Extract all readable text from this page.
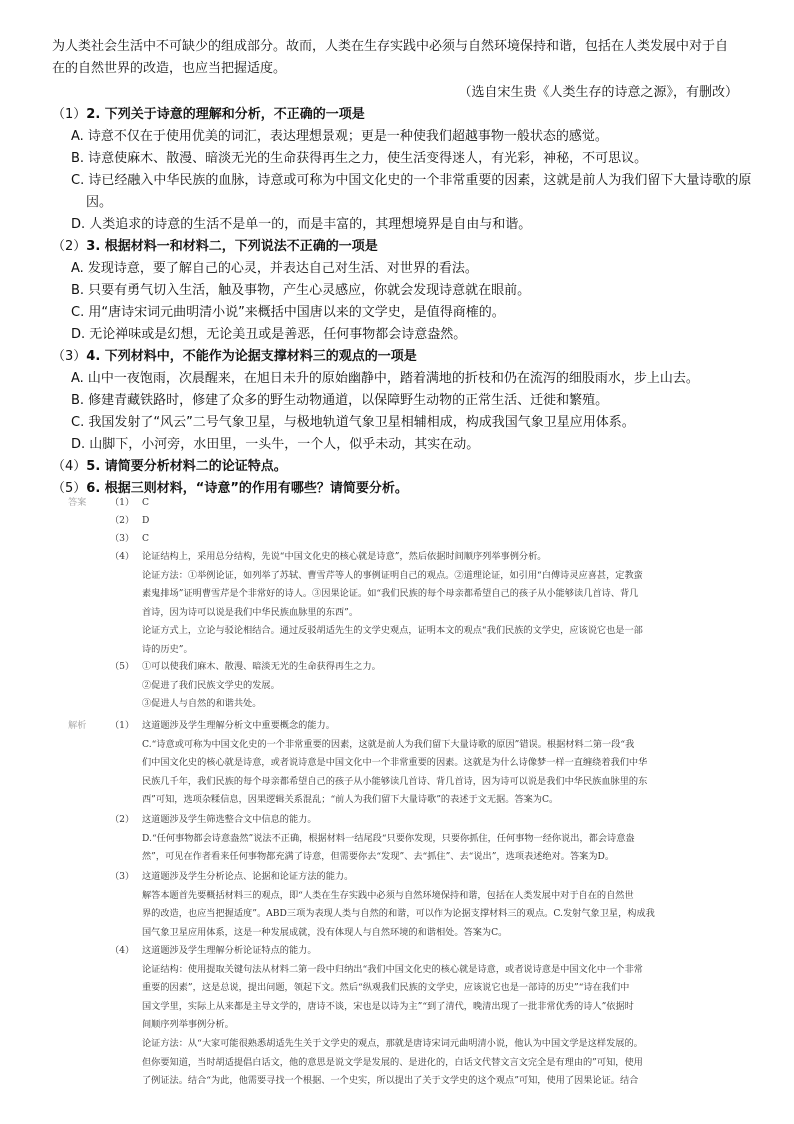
为人类社会生活中不可缺少的组成部分。故而，人类在生存实践中必须与自然环境保持和谐，包括在人类发展中对于自

在的自然世界的改造，也应当把握适度。

（选自宋生贵《人类生存的诗意之源》，有删改）

（1）2. 下列关于诗意的理解和分析，不正确的一项是

A. 诗意不仅在于使用优美的词汇，表达理想景观；更是一种使我们超越事物一般状态的感觉。

B. 诗意使麻木、散漫、暗淡无光的生命获得再生之力，使生活变得迷人，有光彩，神秘，不可思议。

C. 诗已经融入中华民族的血脉，诗意或可称为中国文化史的一个非常重要的因素，这就是前人为我们留下大量诗歌的原因。

D. 人类追求的诗意的生活不是单一的，而是丰富的，其理想境界是自由与和谐。

（2）3. 根据材料一和材料二，下列说法不正确的一项是

A. 发现诗意，要了解自己的心灵，并表达自己对生活、对世界的看法。

B. 只要有勇气切入生活，触及事物，产生心灵感应，你就会发现诗意就在眼前。

C. 用“唐诗宋词元曲明清小说”来概括中国唐以来的文学史，是值得商榷的。

D. 无论禅味或是幻想，无论美丑或是善恶，任何事物都会诗意盎然。

（3）4. 下列材料中，不能作为论据支撑材料三的观点的一项是

A. 山中一夜饱雨，次晨醒来，在旭日未升的原始幽静中，踏着满地的折枝和仍在流泻的细股雨水，步上山去。

B. 修建青藏铁路时，修建了众多的野生动物通道，以保障野生动物的正常生活、迁徙和繁殖。

C. 我国发射了“风云”二号气象卫星，与极地轨道气象卫星相辅相成，构成我国气象卫星应用体系。

D. 山脚下，小河旁，水田里，一头牛，一个人，似乎未动，其实在动。

（4）5. 请简要分析材料二的论证特点。

（5）6. 根据三则材料，“诗意”的作用有哪些？请简要分析。

答案	（1） C

（2） D

（3） C

（4） 论证结构上，采用总分结构，先说“中国文化史的核心就是诗意”，然后依据时间顺序列举事例分析。

论证方法：①举例论证，如列举了苏轼、曹雪芹等人的事例证明自己的观点。②道理论证，如引用“白傅诗灵应喜甚，定教蛮

素鬼排场”证明曹雪芹是个非常好的诗人。③因果论证。如“我们民族的每个母亲都希望自己的孩子从小能够读几首诗、背几

首诗，因为诗可以说是我们中华民族血脉里的东西”。

论证方式上，立论与驳论相结合。通过反驳胡适先生的文学史观点，证明本文的观点“我们民族的文学史，应该说它也是一部

诗的历史”。

（5） ①可以使我们麻木、散漫、暗淡无光的生命获得再生之力。

②促进了我们民族文学史的发展。

③促进人与自然的和谐共处。

解析	（1） 这道题涉及学生理解分析文中重要概念的能力。

C.“诗意或可称为中国文化史的一个非常重要的因素，这就是前人为我们留下大量诗歌的原因”错误。根据材料二第一段“我

们中国文化史的核心就是诗意，或者说诗意是中国文化中一个非常重要的因素。这就是为什么诗像梦一样一直缠绕着我们中华

民族几千年，我们民族的每个母亲都希望自己的孩子从小能够读几首诗、背几首诗，因为诗可以说是我们中华民族血脉里的东

西”可知，选项杂糅信息，因果逻辑关系混乱；“前人为我们留下大量诗歌”的表述于文无据。答案为C。

（2） 这道题涉及学生筛选整合文中信息的能力。

D.“任何事物都会诗意盎然”说法不正确，根据材料一结尾段“只要你发现，只要你抓住，任何事物一经你说出，都会诗意盎

然”，可见在作者看来任何事物都充满了诗意，但需要你去“发现”、去“抓住”、去“说出”，选项表述绝对。答案为D。

（3） 这道题涉及学生分析论点、论据和论证方法的能力。

解答本题首先要概括材料三的观点，即“人类在生存实践中必须与自然环境保持和谐，包括在人类发展中对于自在的自然世

界的改造，也应当把握适度”。ABD三项为表现人类与自然的和谐，可以作为论据支撑材料三的观点。C.发射气象卫星，构成我

国气象卫星应用体系，这是一种发展成就，没有体现人与自然环境的和谐相处。答案为C。

（4） 这道题涉及学生理解分析论证特点的能力。

论证结构：使用提取关键句法从材料二第一段中归纳出“我们中国文化史的核心就是诗意，或者说诗意是中国文化中一个非常

重要的因素”，这是总说，提出问题，领起下文。然后“纵观我们民族的文学史，应该说它也是一部诗的历史”“诗在我们中

国文学里，实际上从来都是主导文学的，唐诗不谈，宋也是以诗为主”“到了清代，晚清出现了一批非常优秀的诗人”依据时

间顺序列举事例分析。

论证方法：从“大家可能很熟悉胡适先生关于文学史的观点，那就是唐诗宋词元曲明清小说，他认为中国文学是这样发展的。

但你要知道，当时胡适提倡白话文，他的意思是说文学是发展的、是进化的，白话文代替文言文完全是有理由的”可知，使用

了例证法。结合“为此，他需要寻找一个根据、一个史实，所以提出了关于文学史的这个观点”可知，使用了因果论证。结合
